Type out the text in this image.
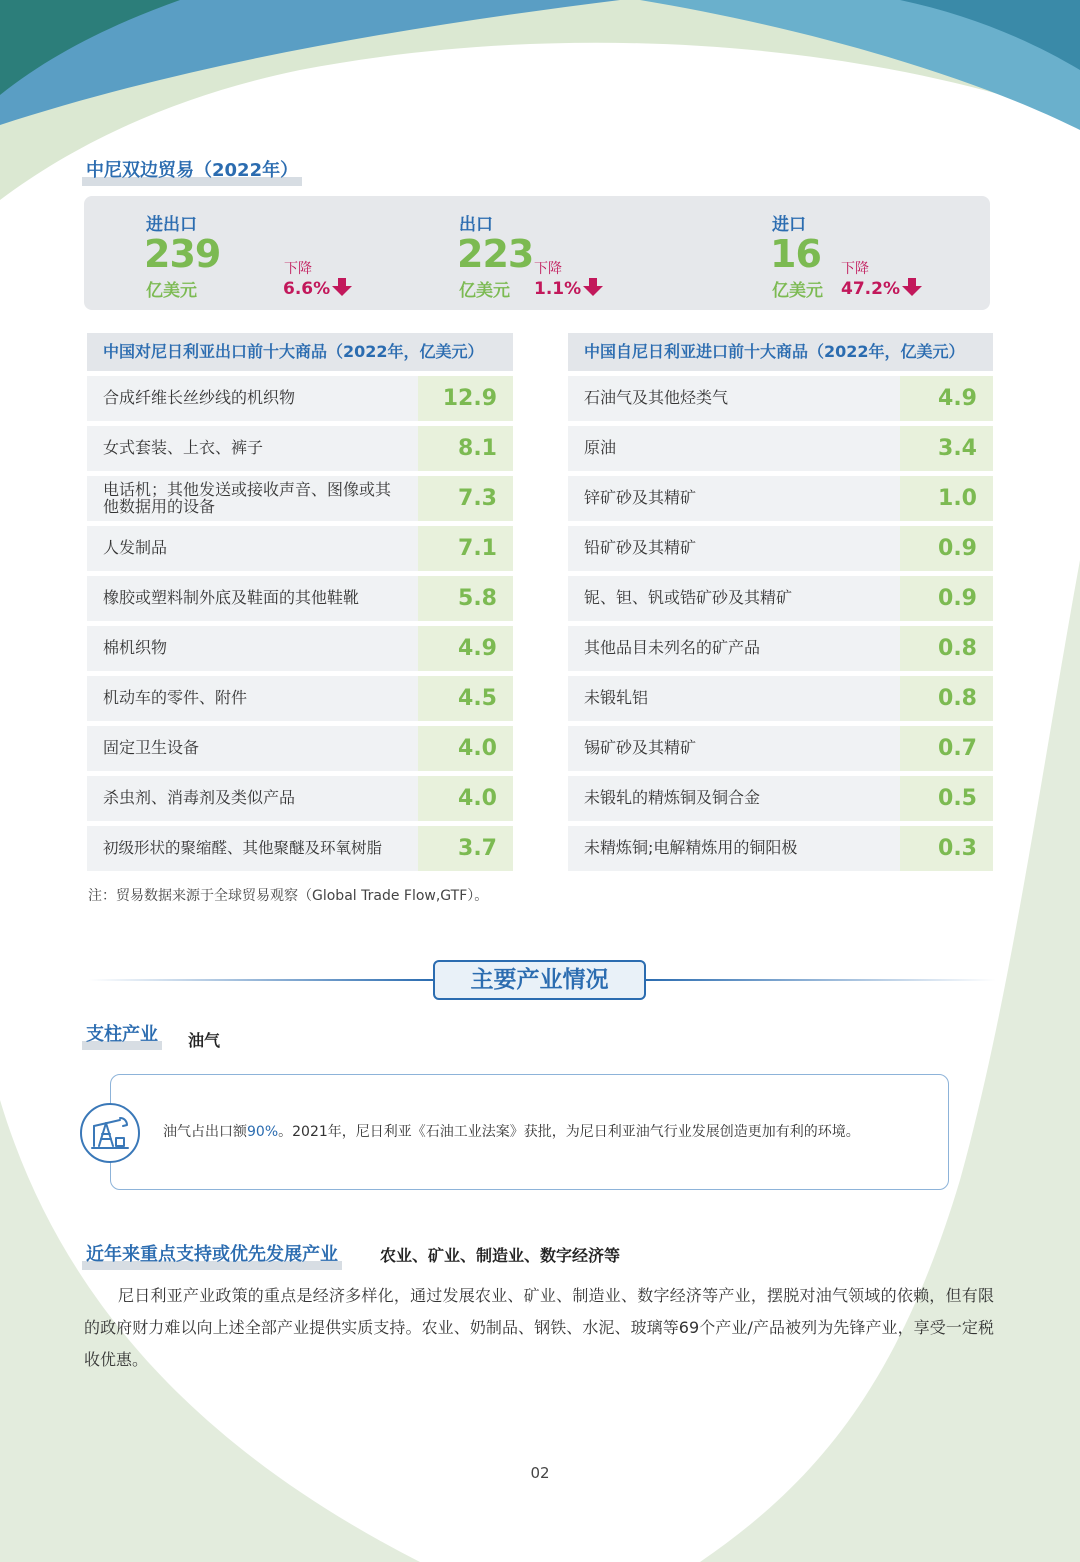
中尼双边贸易（2022年）
进出口
239
亿美元
下降
6.6%
出口
223
亿美元
下降
1.1%
进口
16
亿美元
下降
47.2%
中国对尼日利亚出口前十大商品（2022年，亿美元）
合成纤维长丝纱线的机织物	12.9
女式套装、上衣、裤子	8.1
电话机；其他发送或接收声音、图像或其他数据用的设备	7.3
人发制品	7.1
橡胶或塑料制外底及鞋面的其他鞋靴	5.8
棉机织物	4.9
机动车的零件、附件	4.5
固定卫生设备	4.0
杀虫剂、消毒剂及类似产品	4.0
初级形状的聚缩醛、其他聚醚及环氧树脂	3.7
中国自尼日利亚进口前十大商品（2022年，亿美元）
石油气及其他烃类气	4.9
原油	3.4
锌矿砂及其精矿	1.0
铅矿砂及其精矿	0.9
铌、钽、钒或锆矿砂及其精矿	0.9
其他品目未列名的矿产品	0.8
未锻轧铝	0.8
锡矿砂及其精矿	0.7
未锻轧的精炼铜及铜合金	0.5
未精炼铜;电解精炼用的铜阳极	0.3
注：贸易数据来源于全球贸易观察（Global Trade Flow,GTF）。
主要产业情况
支柱产业 油气
油气占出口额90%。2021年，尼日利亚《石油工业法案》获批，为尼日利亚油气行业发展创造更加有利的环境。
近年来重点支持或优先发展产业	农业、矿业、制造业、数字经济等
尼日利亚产业政策的重点是经济多样化，通过发展农业、矿业、制造业、数字经济等产业，摆脱对油气领域的依赖，但有限的政府财力难以向上述全部产业提供实质支持。农业、奶制品、钢铁、水泥、玻璃等69个产业/产品被列为先锋产业，享受一定税收优惠。
02
